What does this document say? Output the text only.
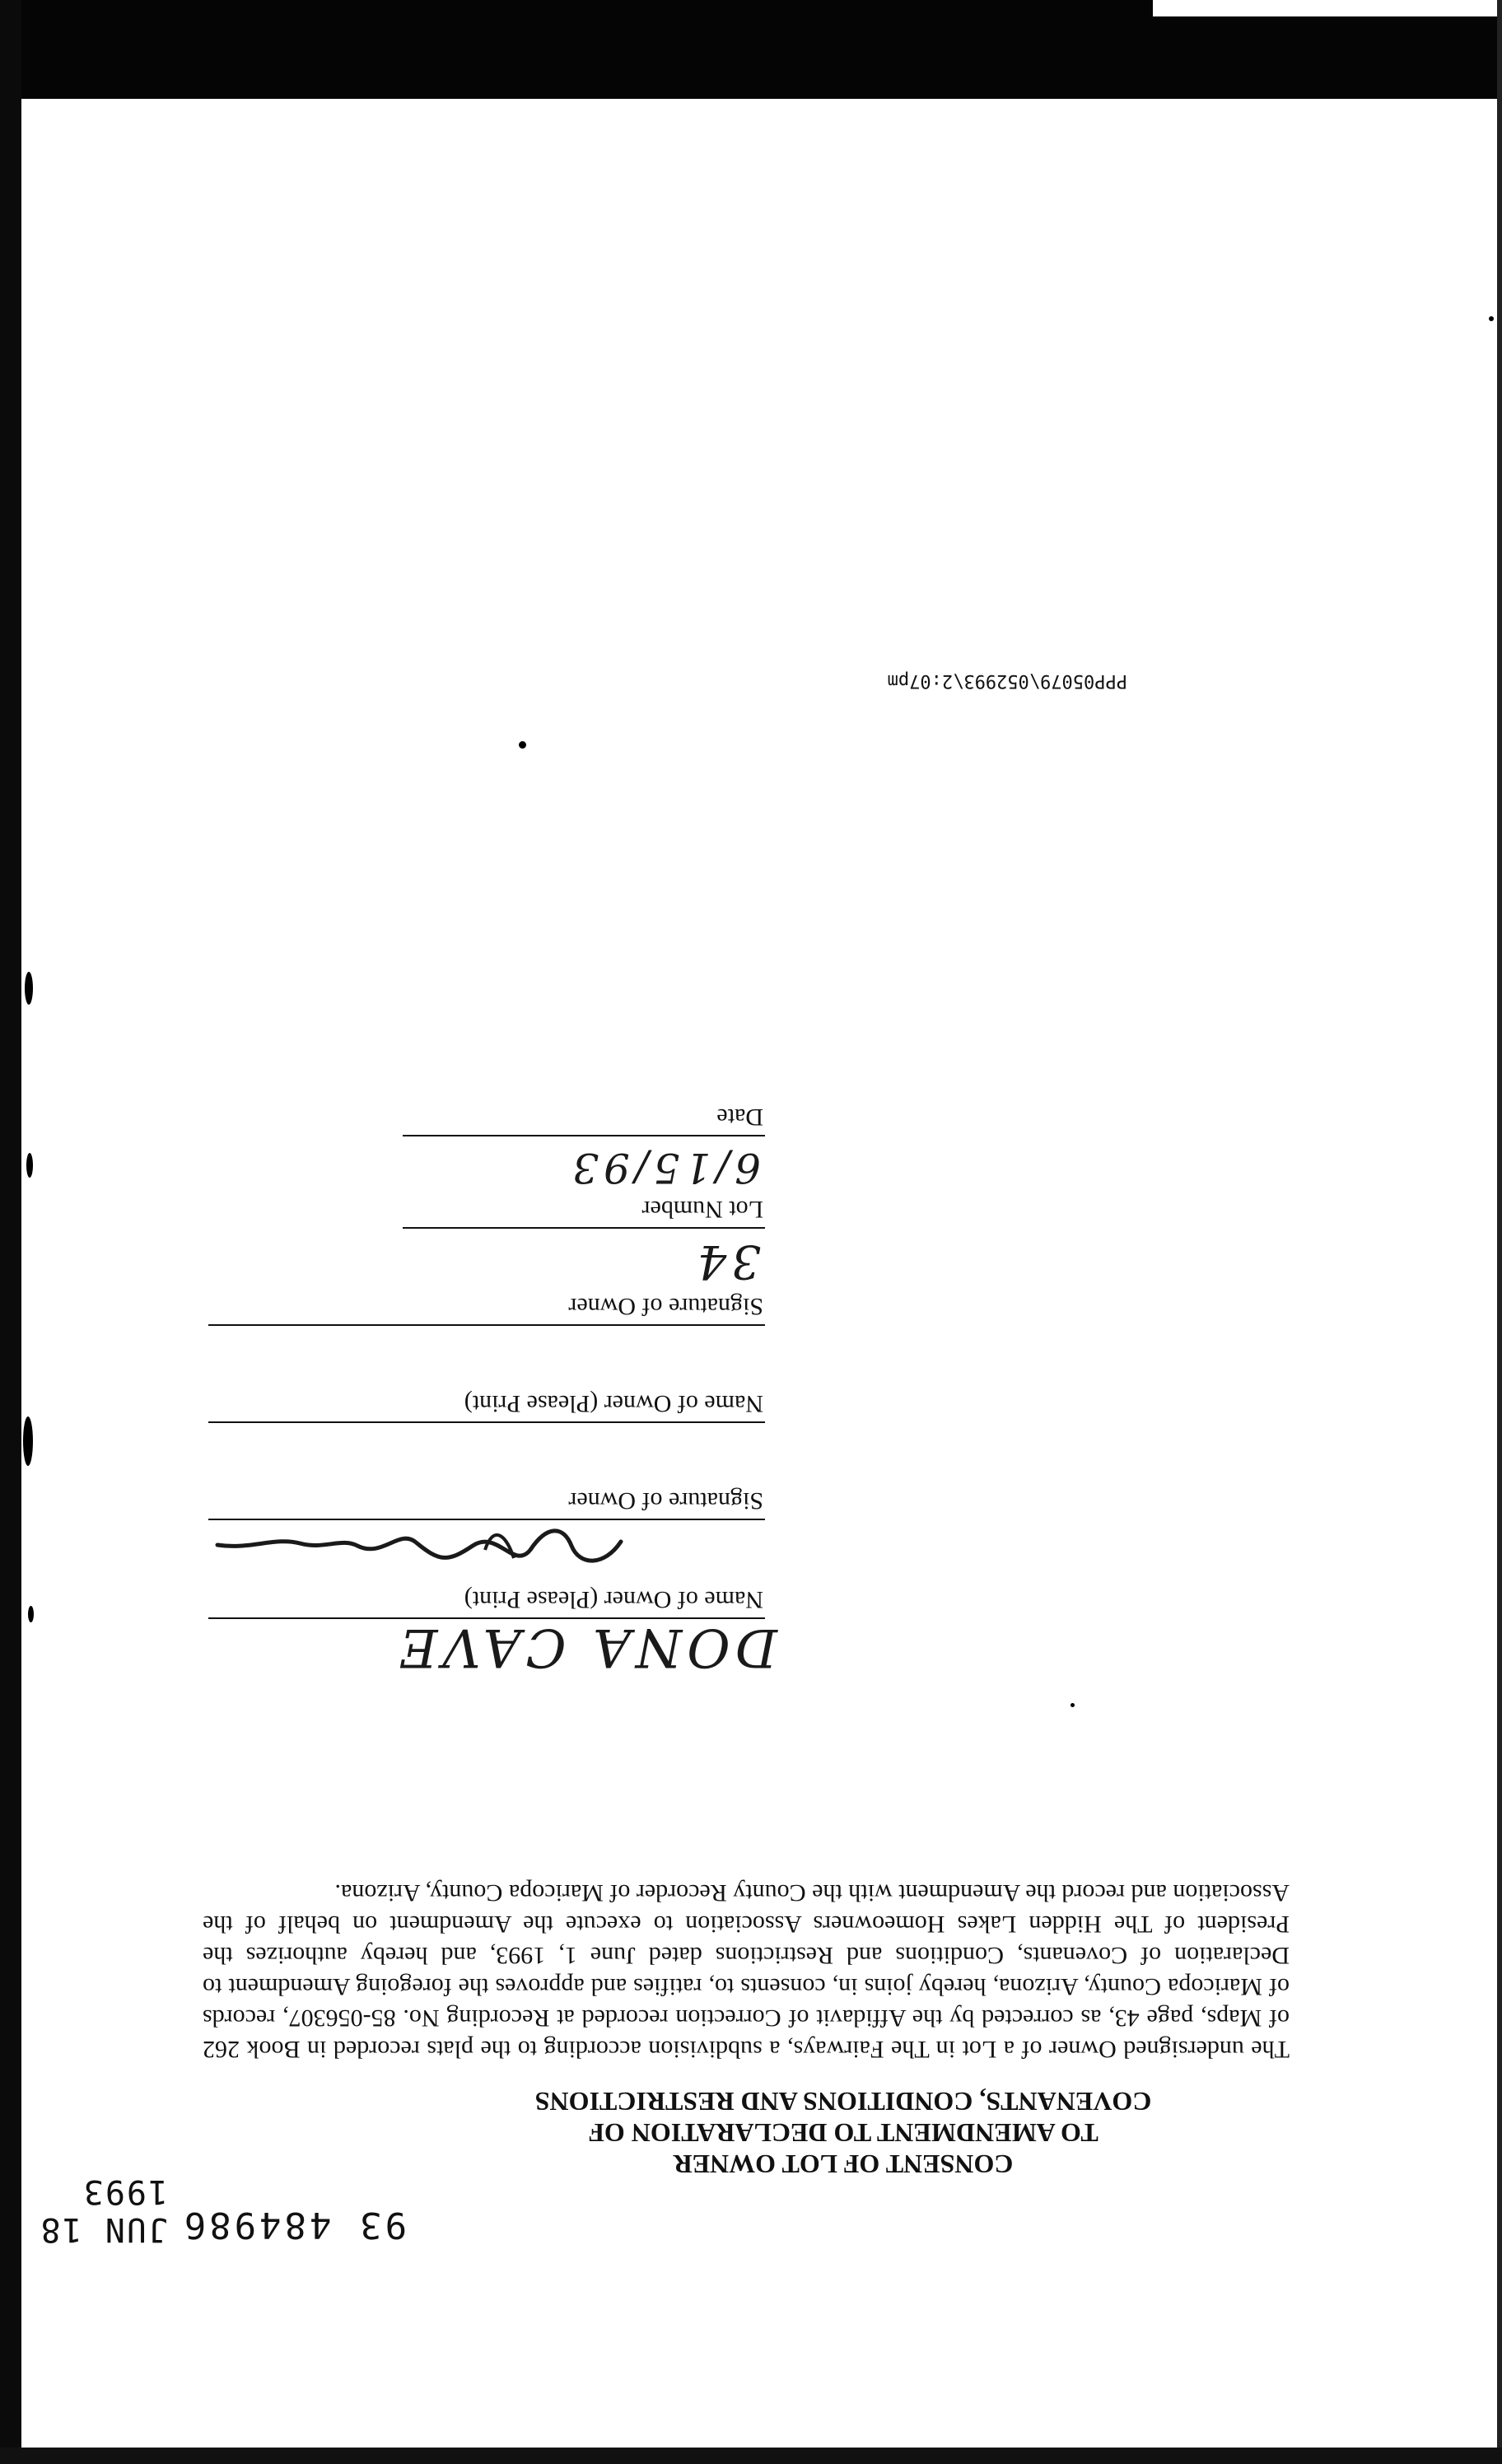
93 484986
JUN 18 1993
CONSENT OF LOT OWNER
TO AMENDMENT TO DECLARATION OF
COVENANTS, CONDITIONS AND RESTRICTIONS
The undersigned Owner of a Lot in The Fairways, a subdivision according to the plats recorded in Book 262 of Maps, page 43, as corrected by the Affidavit of Correction recorded at Recording No. 85-056307, records of Maricopa County, Arizona, hereby joins in, consents to, ratifies and approves the foregoing Amendment to Declaration of Covenants, Conditions and Restrictions dated June 1, 1993, and hereby authorizes the President of The Hidden Lakes Homeowners Association to execute the Amendment on behalf of the Association and record the Amendment with the County Recorder of Maricopa County, Arizona.
DONA CAVE
Name of Owner (Please Print)
Signature of Owner
Name of Owner (Please Print)
Signature of Owner
34
Lot Number
6/15/93
Date
PPP05079\052993\2:07pm
